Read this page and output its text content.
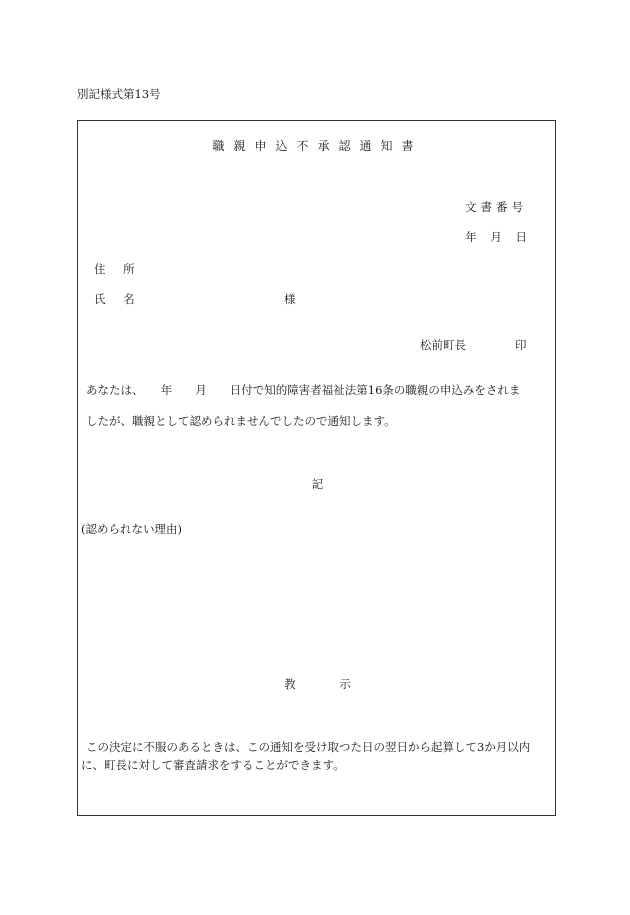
別記様式第13号
職親申込不承認通知書
文書番号
年 月 日
住 所
氏 名	様
松前町長	印
あなたは、　　年　　月　　日付で知的障害者福祉法第16条の職親の申込みをされま
したが、職親として認められませんでしたので通知します。
記
(認められない理由)
教 示
この決定に不服のあるときは、この通知を受け取つた日の翌日から起算して3か月以内
に、町長に対して審査請求をすることができます。
